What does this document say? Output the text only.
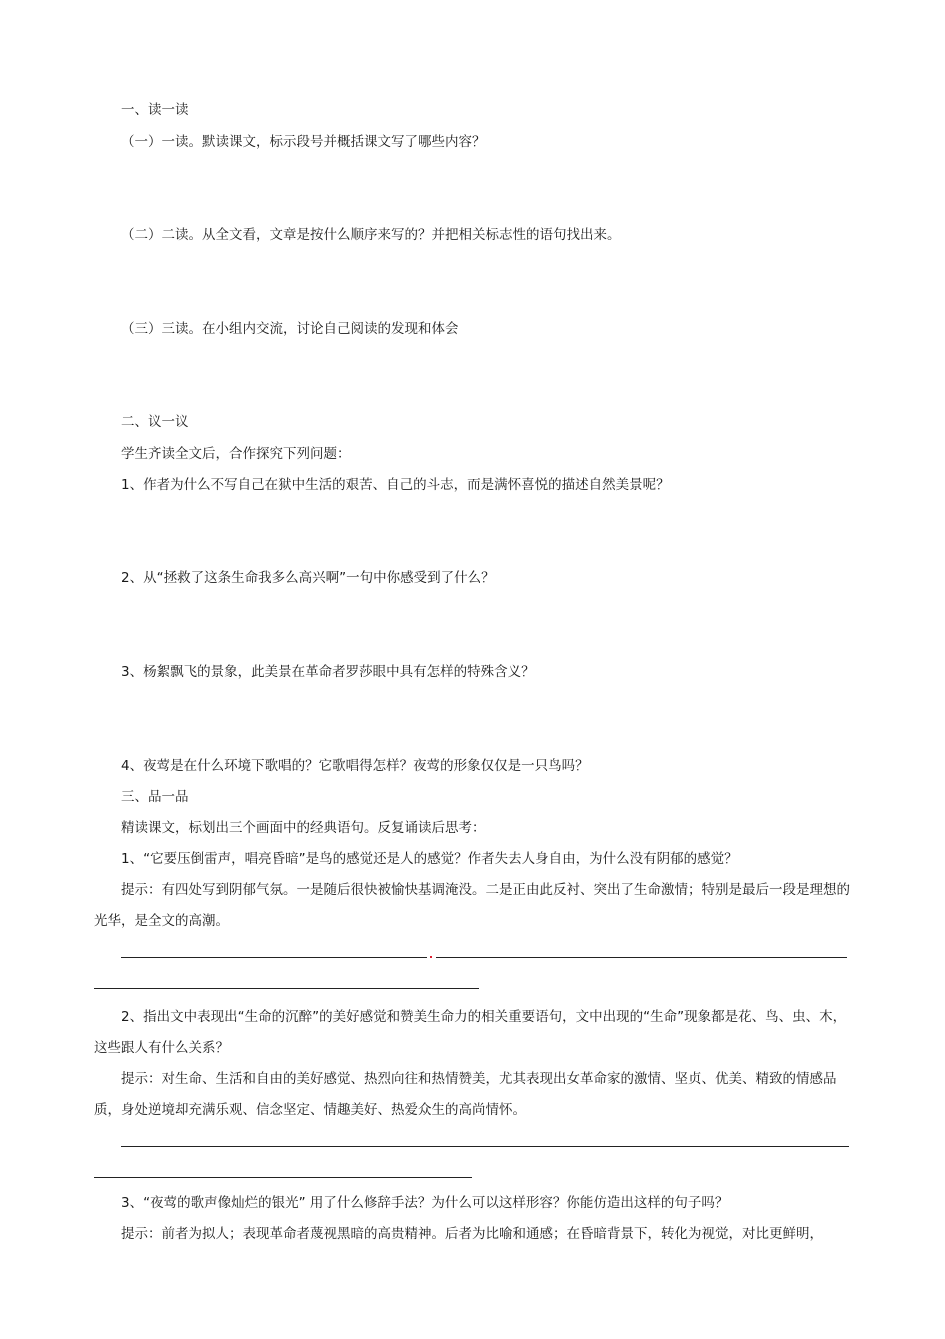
一、读一读
（一）一读。默读课文，标示段号并概括课文写了哪些内容？
（二）二读。从全文看，文章是按什么顺序来写的？并把相关标志性的语句找出来。
（三）三读。在小组内交流，讨论自己阅读的发现和体会
二、议一议
学生齐读全文后，合作探究下列问题：
1、作者为什么不写自己在狱中生活的艰苦、自己的斗志，而是满怀喜悦的描述自然美景呢？
2、从“拯救了这条生命我多么高兴啊”一句中你感受到了什么？
3、杨絮飘飞的景象，此美景在革命者罗莎眼中具有怎样的特殊含义？
4、夜莺是在什么环境下歌唱的？它歌唱得怎样？夜莺的形象仅仅是一只鸟吗？
三、品一品
精读课文，标划出三个画面中的经典语句。反复诵读后思考：
1、“它要压倒雷声，唱亮昏暗”是鸟的感觉还是人的感觉？作者失去人身自由，为什么没有阴郁的感觉？
提示：有四处写到阴郁气氛。一是随后很快被愉快基调淹没。二是正由此反衬、突出了生命激情；特别是最后一段是理想的光华，是全文的高潮。
2、指出文中表现出“生命的沉醉”的美好感觉和赞美生命力的相关重要语句，文中出现的“生命”现象都是花、鸟、虫、木，这些跟人有什么关系？
提示：对生命、生活和自由的美好感觉、热烈向往和热情赞美，尤其表现出女革命家的激情、坚贞、优美、精致的情感品质，身处逆境却充满乐观、信念坚定、情趣美好、热爱众生的高尚情怀。
3、“夜莺的歌声像灿烂的银光” 用了什么修辞手法？为什么可以这样形容？你能仿造出这样的句子吗？
提示：前者为拟人；表现革命者蔑视黑暗的高贵精神。后者为比喻和通感；在昏暗背景下，转化为视觉，对比更鲜明，
